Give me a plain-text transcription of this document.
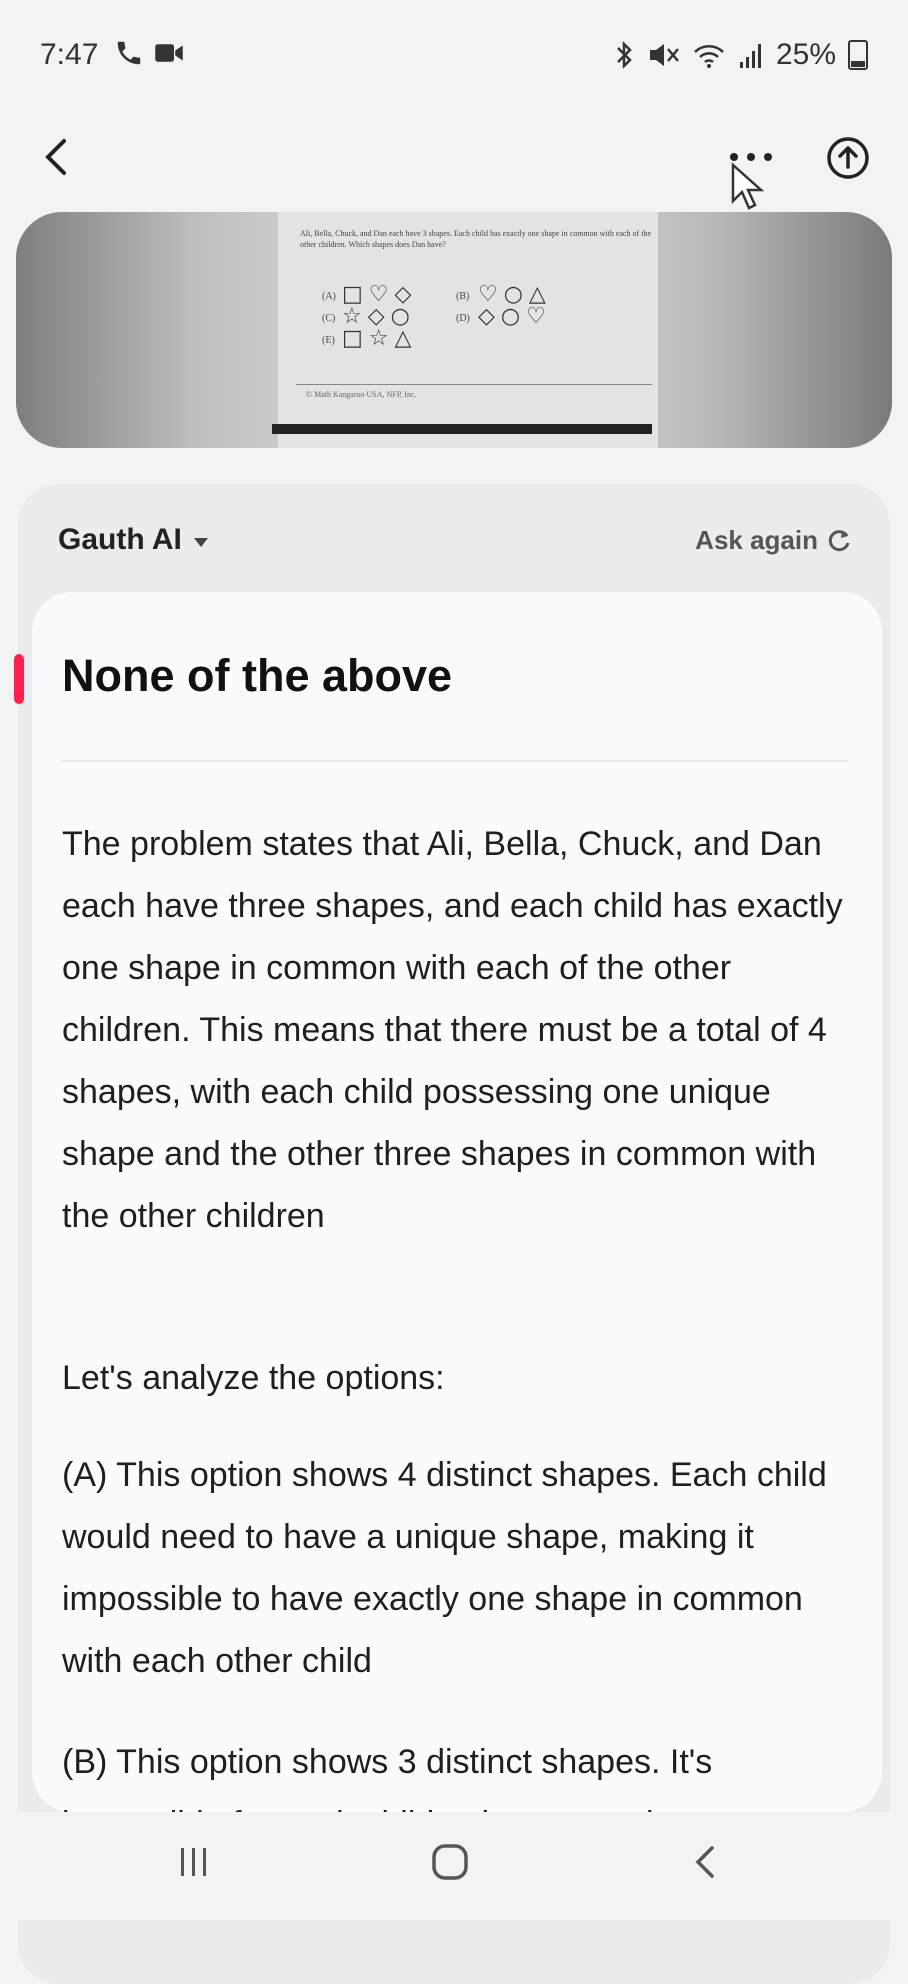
7:47	25%
Ali, Bella, Chuck, and Dan each have 3 shapes. Each child has exactly one shape in common with each of the other children. Which shapes does Dan have?
(A) □♡◇	(B) ♡○△
(C) ☆◇○	(D) ◇○♡
(E) □☆△
© Math Kangaroo USA, NFP, Inc.
Gauth AI	Ask again
None of the above

The problem states that Ali, Bella, Chuck, and Dan each have three shapes, and each child has exactly one shape in common with each of the other children. This means that there must be a total of 4 shapes, with each child possessing one unique shape and the other three shapes in common with the other children

Let's analyze the options:

(A) This option shows 4 distinct shapes. Each child would need to have a unique shape, making it impossible to have exactly one shape in common with each other child

(B) This option shows 3 distinct shapes. It's
